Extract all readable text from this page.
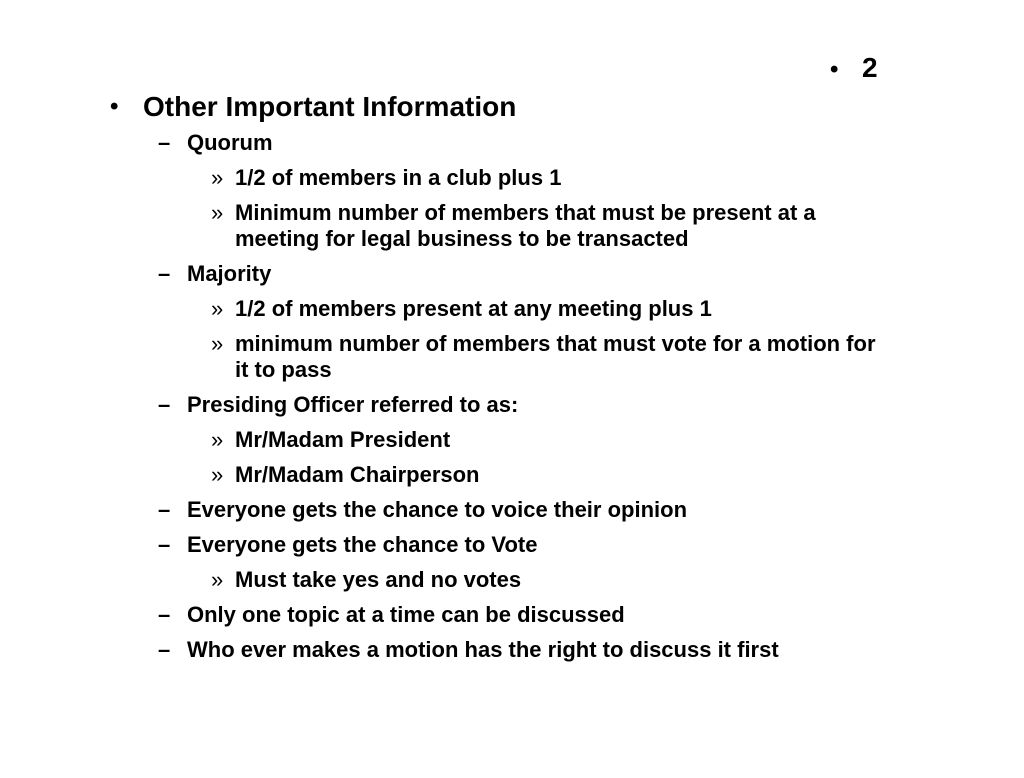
• 2
• Other Important Information
– Quorum
» 1/2 of members in a club plus 1
» Minimum number of members that must be present at a meeting for legal business to be transacted
– Majority
» 1/2 of members present at any meeting plus 1
» minimum number of members that must vote for a motion for it to pass
– Presiding Officer referred to as:
» Mr/Madam President
» Mr/Madam Chairperson
– Everyone gets the chance to voice their opinion
– Everyone gets the chance to Vote
» Must take yes and no votes
– Only one topic at a time can be discussed
– Who ever makes a motion has the right to discuss it first
